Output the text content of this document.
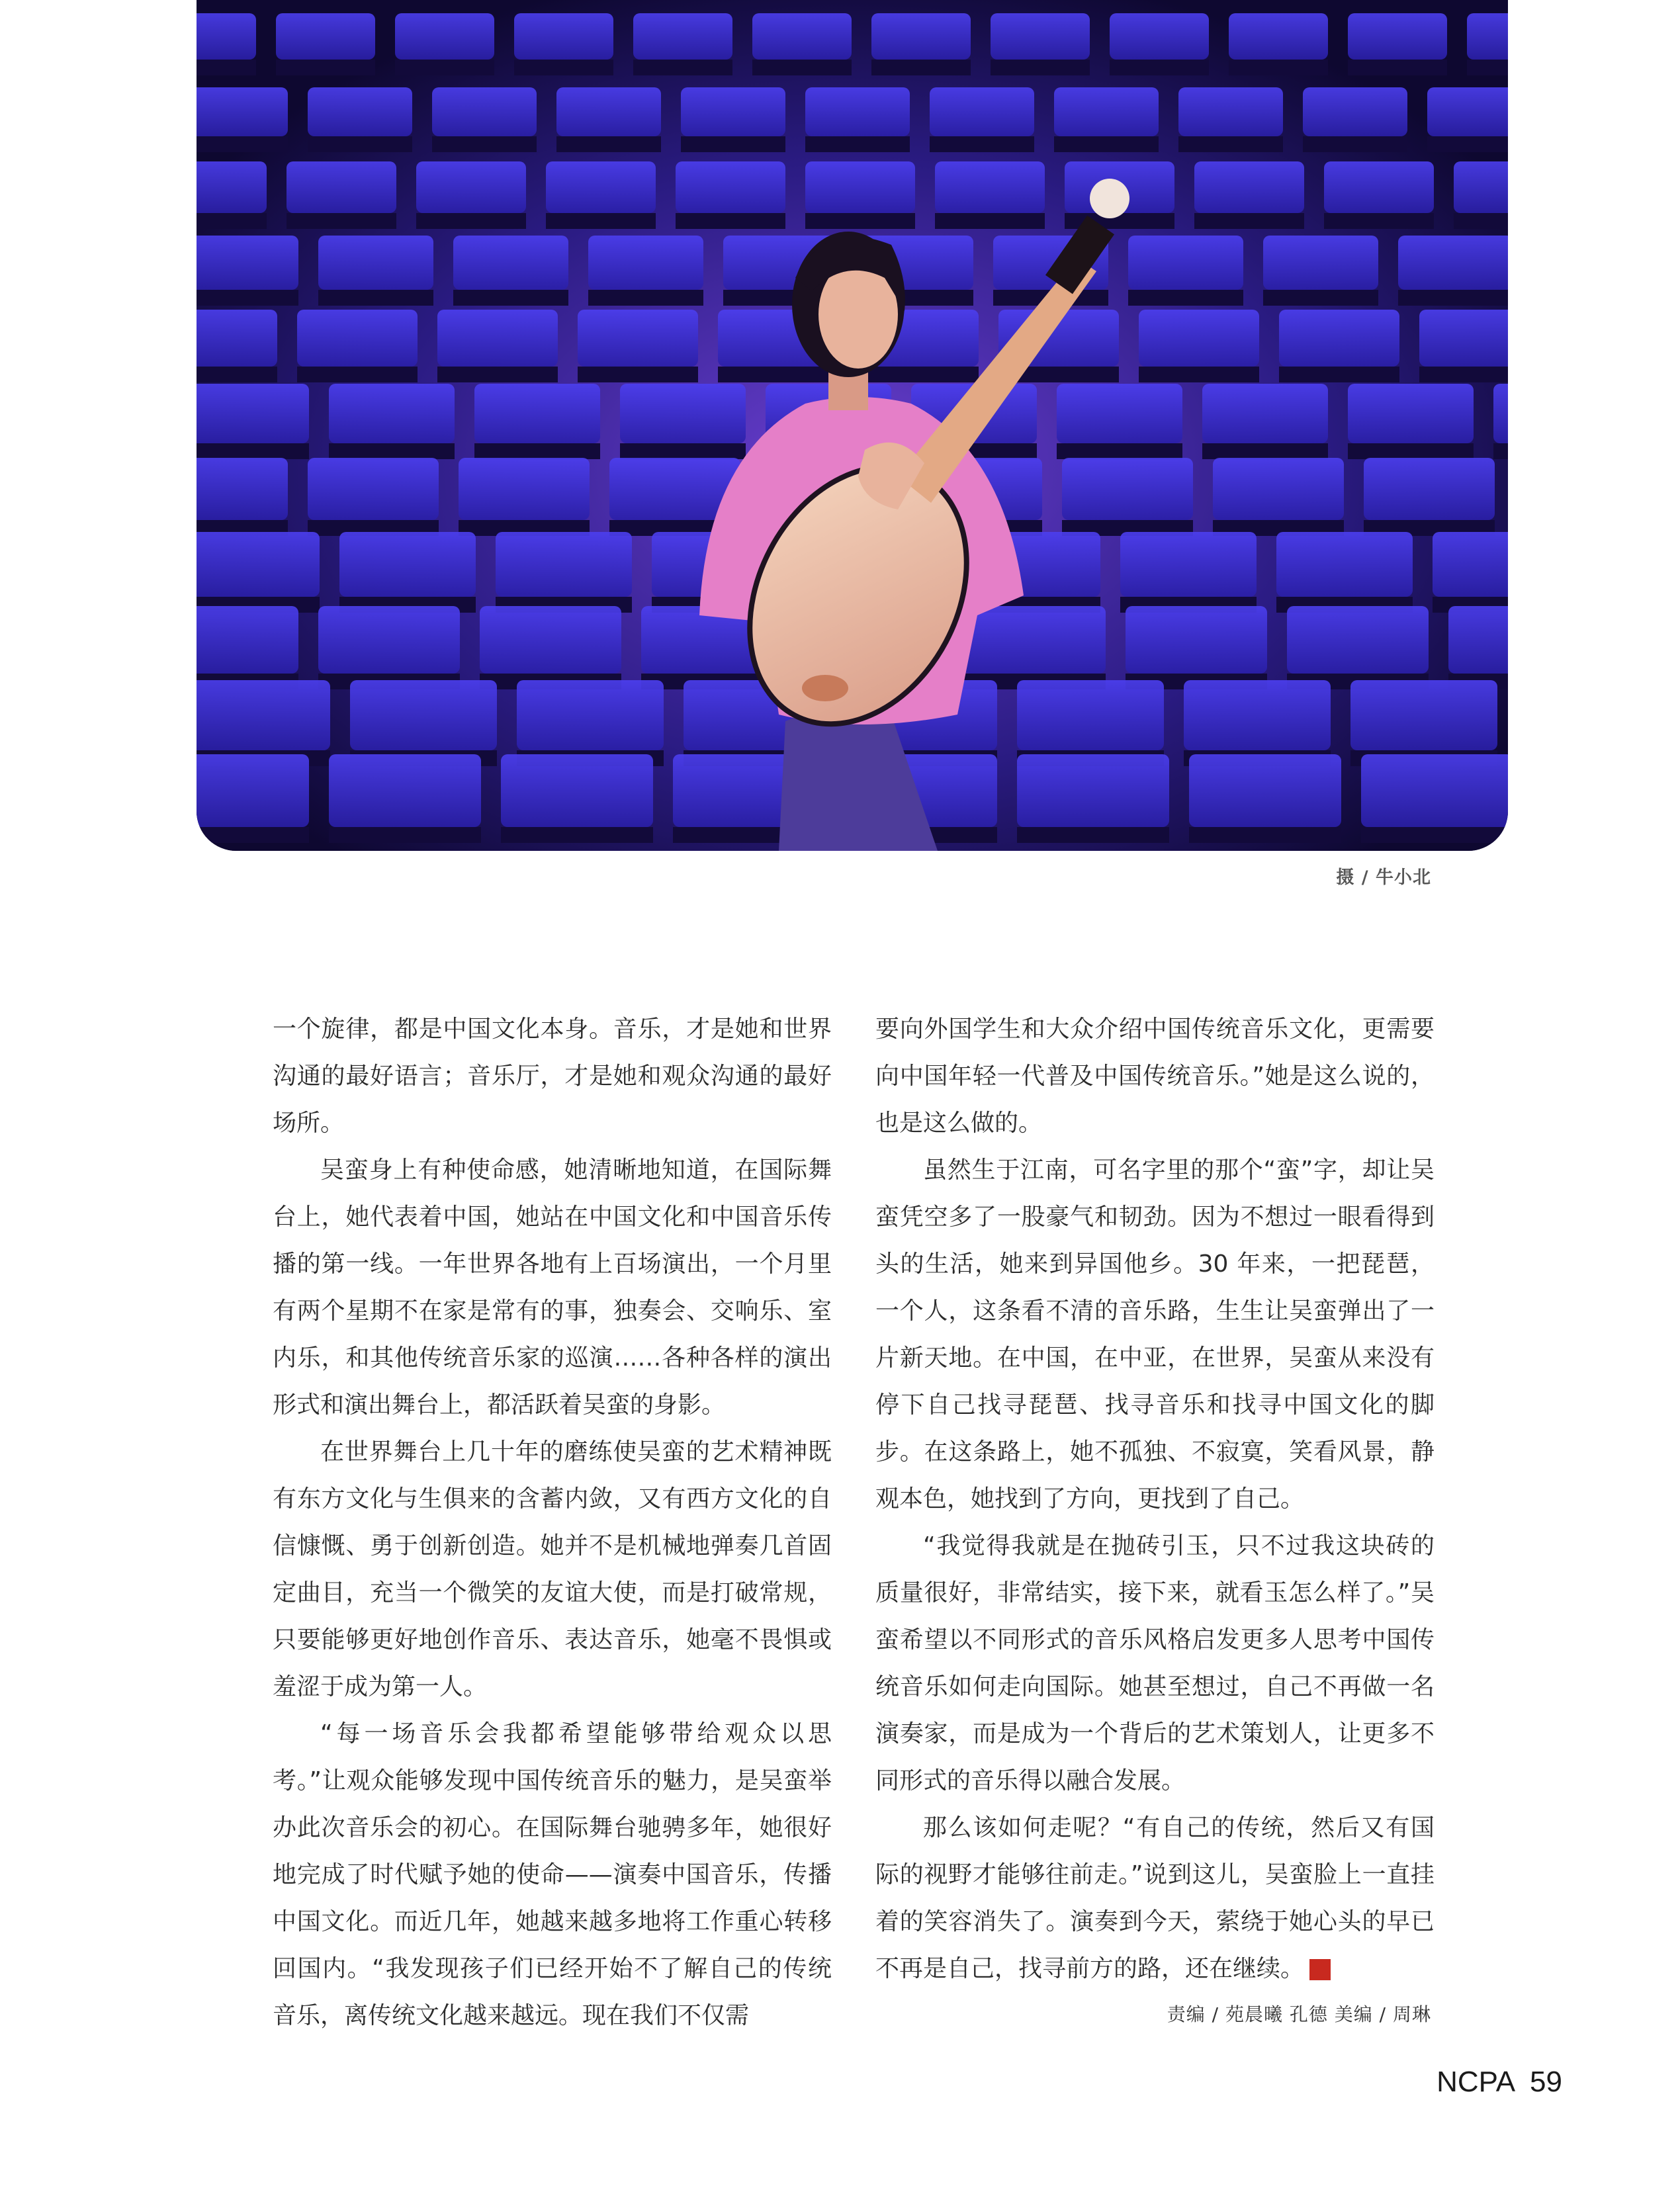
摄 / 牛小北

一个旋律，都是中国文化本身。音乐，才是她和世界沟通的最好语言；音乐厅，才是她和观众沟通的最好场所。

吴蛮身上有种使命感，她清晰地知道，在国际舞台上，她代表着中国，她站在中国文化和中国音乐传播的第一线。一年世界各地有上百场演出，一个月里有两个星期不在家是常有的事，独奏会、交响乐、室内乐，和其他传统音乐家的巡演……各种各样的演出形式和演出舞台上，都活跃着吴蛮的身影。

在世界舞台上几十年的磨练使吴蛮的艺术精神既有东方文化与生俱来的含蓄内敛，又有西方文化的自信慷慨、勇于创新创造。她并不是机械地弹奏几首固定曲目，充当一个微笑的友谊大使，而是打破常规，只要能够更好地创作音乐、表达音乐，她毫不畏惧或羞涩于成为第一人。

“每一场音乐会我都希望能够带给观众以思考。”让观众能够发现中国传统音乐的魅力，是吴蛮举办此次音乐会的初心。在国际舞台驰骋多年，她很好地完成了时代赋予她的使命——演奏中国音乐，传播中国文化。而近几年，她越来越多地将工作重心转移回国内。“我发现孩子们已经开始不了解自己的传统音乐，离传统文化越来越远。现在我们不仅需

要向外国学生和大众介绍中国传统音乐文化，更需要向中国年轻一代普及中国传统音乐。”她是这么说的，也是这么做的。

虽然生于江南，可名字里的那个“蛮”字，却让吴蛮凭空多了一股豪气和韧劲。因为不想过一眼看得到头的生活，她来到异国他乡。30 年来，一把琵琶，一个人，这条看不清的音乐路，生生让吴蛮弹出了一片新天地。在中国，在中亚，在世界，吴蛮从来没有停下自己找寻琵琶、找寻音乐和找寻中国文化的脚步。在这条路上，她不孤独、不寂寞，笑看风景，静观本色，她找到了方向，更找到了自己。

“我觉得我就是在抛砖引玉，只不过我这块砖的质量很好，非常结实，接下来，就看玉怎么样了。”吴蛮希望以不同形式的音乐风格启发更多人思考中国传统音乐如何走向国际。她甚至想过，自己不再做一名演奏家，而是成为一个背后的艺术策划人，让更多不同形式的音乐得以融合发展。

那么该如何走呢？“有自己的传统，然后又有国际的视野才能够往前走。”说到这儿，吴蛮脸上一直挂着的笑容消失了。演奏到今天，萦绕于她心头的早已不再是自己，找寻前方的路，还在继续。	NCPA

责编 / 苑晨曦 孔德 美编 / 周琳
NCPA 59
